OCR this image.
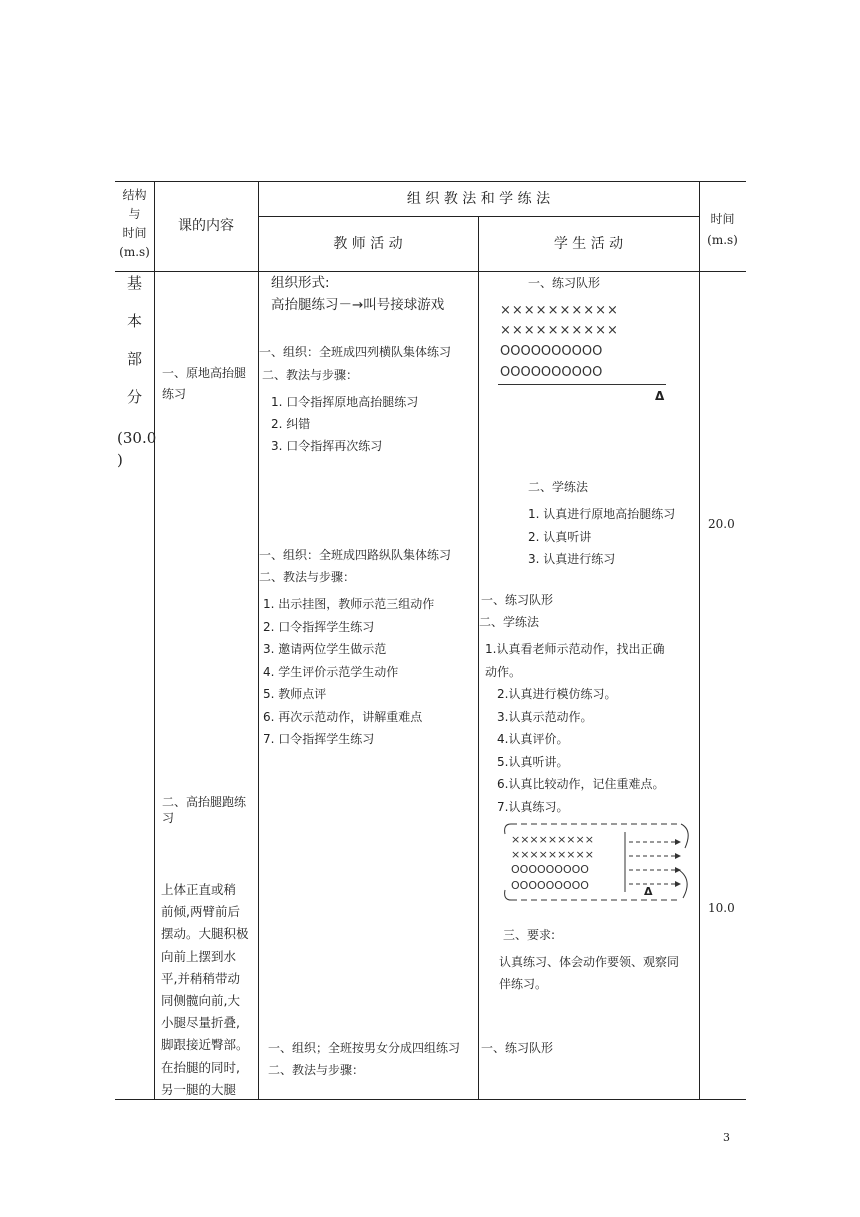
结构
与
时间
(m.s)
课的内容
组 织 教 法 和 学 练 法
教 师 活 动	学 生 活 动
时间
(m.s)
基
本
部
分
(30.0
)
一、原地高抬腿
练习
二、高抬腿跑练
习
上体正直或稍
前倾,两臂前后
摆动。大腿积极
向前上摆到水
平,并稍稍带动
同侧髋向前,大
小腿尽量折叠,
脚跟接近臀部。
在抬腿的同时,
另一腿的大腿
组织形式:
高抬腿练习－→叫号接球游戏
一、组织：全班成四列横队集体练习
二、教法与步骤：
1. 口令指挥原地高抬腿练习
2. 纠错
3. 口令指挥再次练习
一、组织：全班成四路纵队集体练习
二、教法与步骤：
1. 出示挂图，教师示范三组动作
2. 口令指挥学生练习
3. 邀请两位学生做示范
4. 学生评价示范学生动作
5. 教师点评
6. 再次示范动作，讲解重难点
7. 口令指挥学生练习
一、组织；全班按男女分成四组练习
二、教法与步骤：
一、练习队形
××××××××××
××××××××××
OOOOOOOOOO
OOOOOOOOOO
Δ
二、学练法
1. 认真进行原地高抬腿练习
2. 认真听讲
3. 认真进行练习
一、练习队形
二、学练法
1.认真看老师示范动作，找出正确
动作。
2.认真进行模仿练习。
3.认真示范动作。
4.认真评价。
5.认真听讲。
6.认真比较动作，记住重难点。
7.认真练习。
×××××××××
×××××××××
OOOOOOOOO
OOOOOOOOO	Δ
三、要求:
认真练习、体会动作要领、观察同
伴练习。
一、练习队形
20.0
10.0
3
